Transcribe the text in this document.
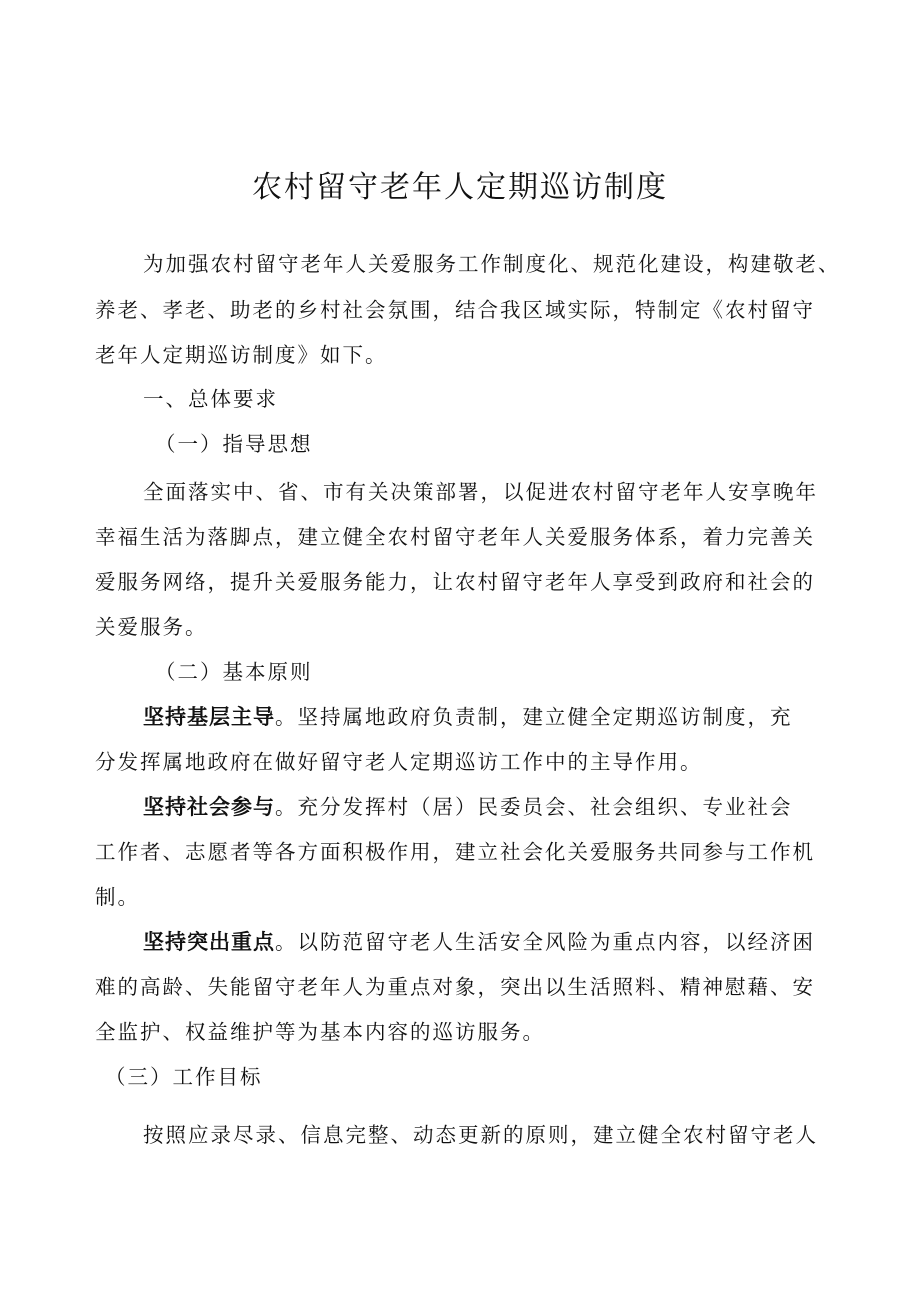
农村留守老年人定期巡访制度

为加强农村留守老年人关爱服务工作制度化、规范化建设，构建敬老、

养老、孝老、助老的乡村社会氛围，结合我区域实际，特制定《农村留守

老年人定期巡访制度》如下。

一、总体要求

（一）指导思想

全面落实中、省、市有关决策部署，以促进农村留守老年人安享晚年

幸福生活为落脚点，建立健全农村留守老年人关爱服务体系，着力完善关

爱服务网络，提升关爱服务能力，让农村留守老年人享受到政府和社会的

关爱服务。

（二）基本原则

坚持基层主导。坚持属地政府负责制，建立健全定期巡访制度，充

分发挥属地政府在做好留守老人定期巡访工作中的主导作用。

坚持社会参与。充分发挥村（居）民委员会、社会组织、专业社会

工作者、志愿者等各方面积极作用，建立社会化关爱服务共同参与工作机

制。

坚持突出重点。以防范留守老人生活安全风险为重点内容，以经济困

难的高龄、失能留守老年人为重点对象，突出以生活照料、精神慰藉、安

全监护、权益维护等为基本内容的巡访服务。

（三）工作目标

按照应录尽录、信息完整、动态更新的原则，建立健全农村留守老人
